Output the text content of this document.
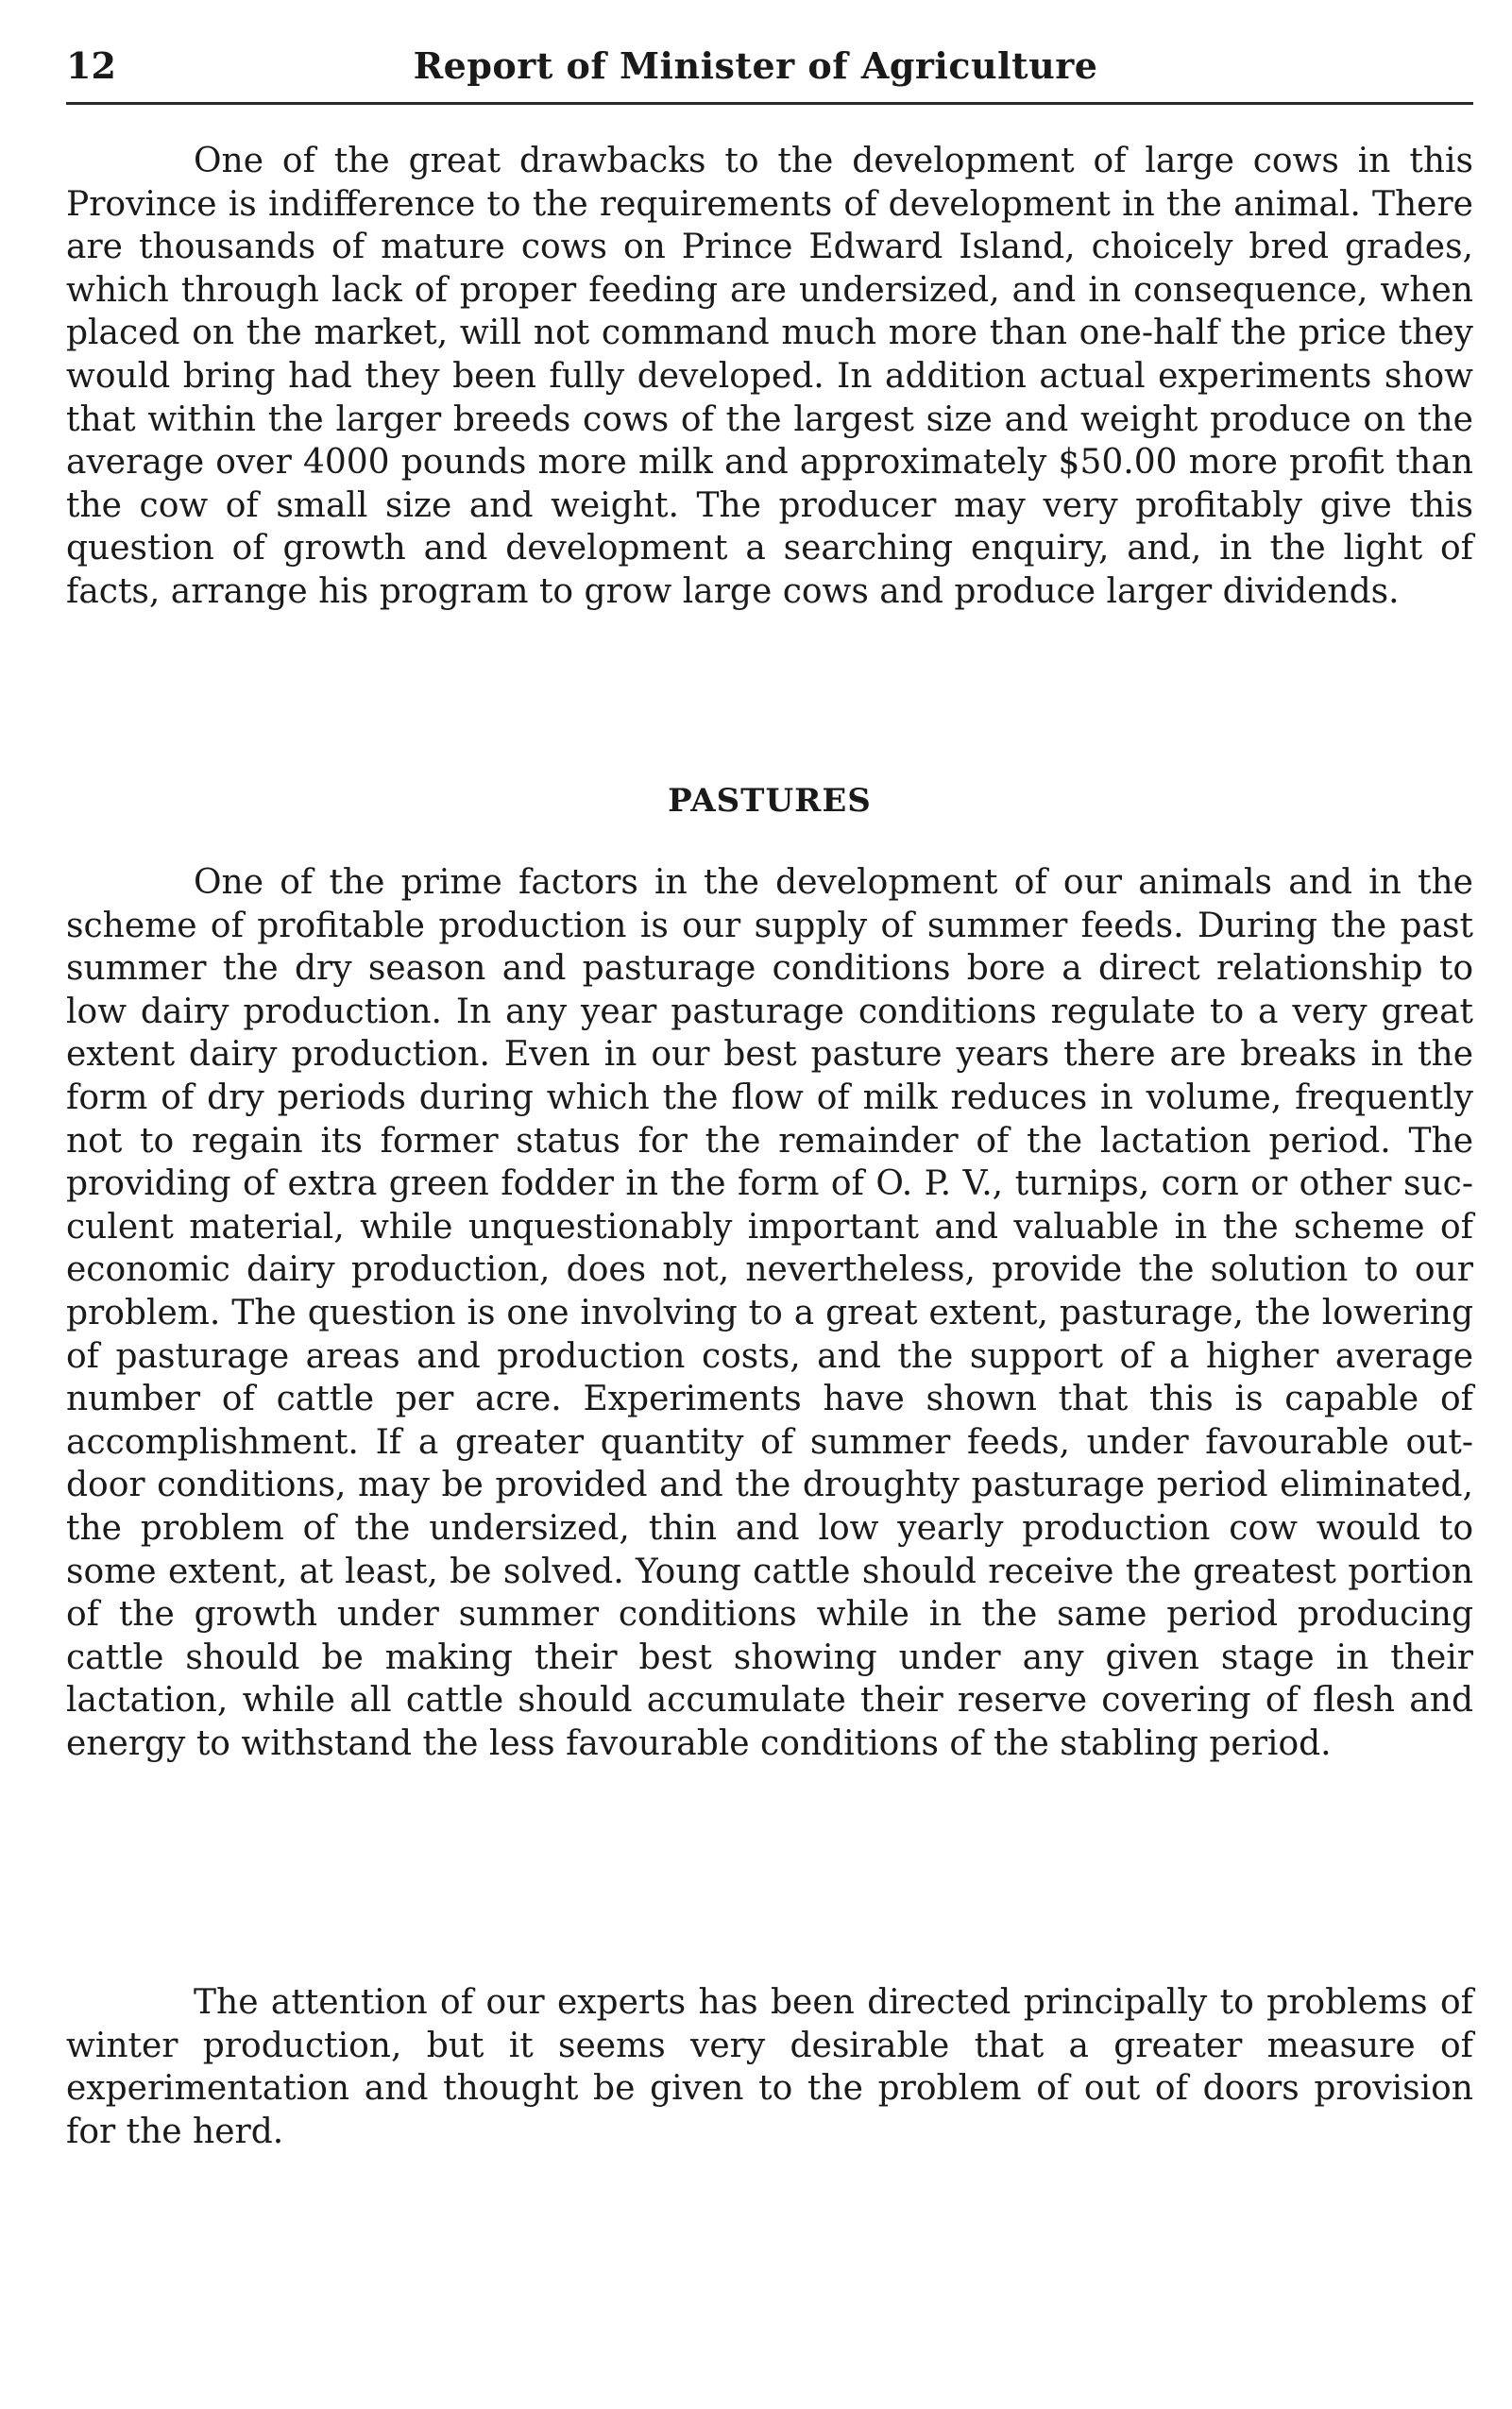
12	Report of Minister of Agriculture

One of the great drawbacks to the development of large cows in this Province is indifference to the requirements of development in the animal. There are thousands of mature cows on Prince Edward Island, choicely bred grades, which through lack of proper feeding are undersized, and in consequence, when placed on the market, will not command much more than one-half the price they would bring had they been fully developed. In addition actual experiments show that within the larger breeds cows of the largest size and weight produce on the average over 4000 pounds more milk and approximately $50.00 more profit than the cow of small size and weight. The producer may very profitably give this question of growth and development a searching enquiry, and, in the light of facts, arrange his program to grow large cows and produce larger dividends.

PASTURES

One of the prime factors in the development of our animals and in the scheme of profitable production is our supply of summer feeds. During the past summer the dry season and pasturage conditions bore a direct relationship to low dairy production. In any year pasturage conditions regulate to a very great extent dairy production. Even in our best pasture years there are breaks in the form of dry periods during which the flow of milk reduces in volume, frequently not to regain its former status for the remainder of the lactation period. The providing of extra green fodder in the form of O. P. V., turnips, corn or other succulent material, while unquestionably important and valuable in the scheme of economic dairy production, does not, nevertheless, provide the solution to our problem. The question is one involving to a great extent, pasturage, the lowering of pasturage areas and production costs, and the support of a higher average number of cattle per acre. Experiments have shown that this is capable of accomplishment. If a greater quantity of summer feeds, under favourable out-door conditions, may be provided and the droughty pasturage period eliminated, the problem of the undersized, thin and low yearly production cow would to some extent, at least, be solved. Young cattle should receive the greatest portion of the growth under summer conditions while in the same period producing cattle should be making their best showing under any given stage in their lactation, while all cattle should accumulate their reserve covering of flesh and energy to withstand the less favourable conditions of the stabling period.

The attention of our experts has been directed principally to problems of winter production, but it seems very desirable that a greater measure of experimentation and thought be given to the problem of out of doors provision for the herd.
